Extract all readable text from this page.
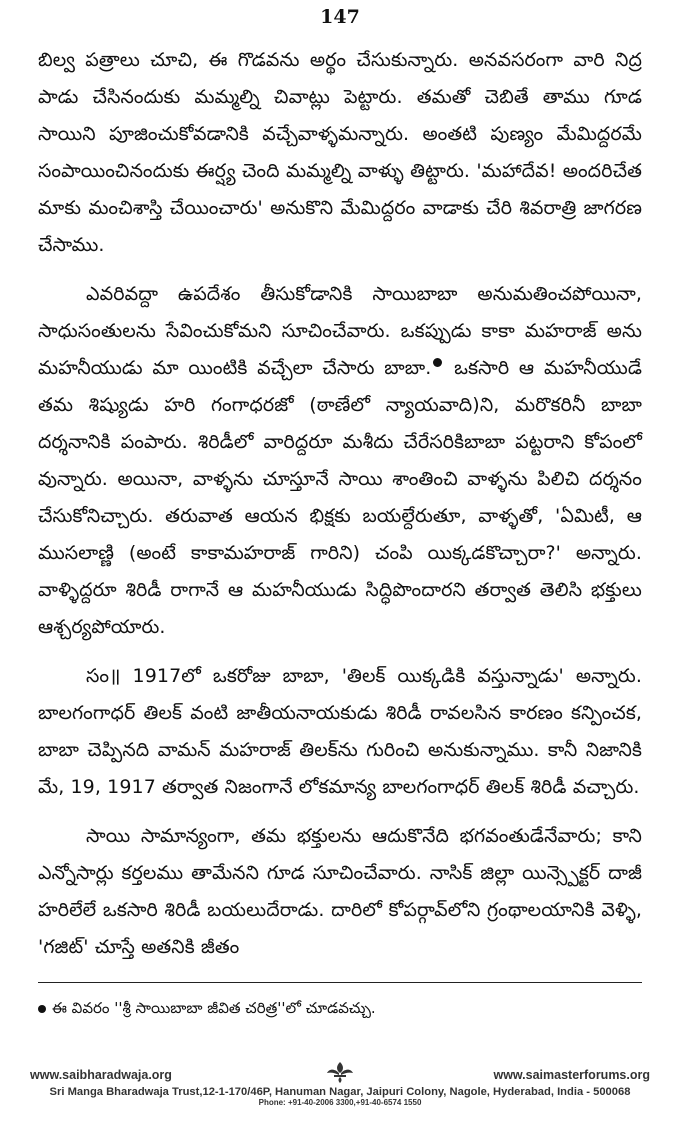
147

బిల్వ పత్రాలు చూచి, ఈ గొడవను అర్థం చేసుకున్నారు. అనవసరంగా వారి నిద్ర పాడు చేసినందుకు మమ్మల్ని చివాట్లు పెట్టారు. తమతో చెబితే తాము గూడ సాయిని పూజించుకోవడానికి వచ్చేవాళ్ళమన్నారు. అంతటి పుణ్యం మేమిద్దరమే సంపాయించినందుకు ఈర్ష్య చెంది మమ్మల్ని వాళ్ళు తిట్టారు. 'మహాదేవ! అందరిచేత మాకు మంచిశాస్తి చేయించారు' అనుకొని మేమిద్దరం వాడాకు చేరి శివరాత్రి జాగరణ చేసాము.

ఎవరివద్దా ఉపదేశం తీసుకోడానికి సాయిబాబా అనుమతించపోయినా, సాధుసంతులను సేవించుకోమని సూచించేవారు. ఒకప్పుడు కాకా మహరాజ్ అను మహనీయుడు మా యింటికి వచ్చేలా చేసారు బాబా. ఒకసారి ఆ మహనీయుడే తమ శిష్యుడు హరి గంగాధరజో (ఠాణేలో న్యాయవాది)ని, మరొకరినీ బాబా దర్శనానికి పంపారు. శిరిడీలో వారిద్దరూ మశీదు చేరేసరికిబాబా పట్టరాని కోపంలో వున్నారు. అయినా, వాళ్ళను చూస్తూనే సాయి శాంతించి వాళ్ళను పిలిచి దర్శనం చేసుకోనిచ్చారు. తరువాత ఆయన భిక్షకు బయల్దేరుతూ, వాళ్ళతో, 'ఏమిటీ, ఆ ముసలాణ్ణి (అంటే కాకామహరాజ్ గారిని) చంపి యిక్కడకొచ్చారా?' అన్నారు. వాళ్ళిద్దరూ శిరిడీ రాగానే ఆ మహనీయుడు సిద్ధిపొందారని తర్వాత తెలిసి భక్తులు ఆశ్చర్యపోయారు.

సం॥ 1917లో ఒకరోజు బాబా, 'తిలక్ యిక్కడికి వస్తున్నాడు' అన్నారు. బాలగంగాధర్ తిలక్ వంటి జాతీయనాయకుడు శిరిడీ రావలసిన కారణం కన్పించక, బాబా చెప్పినది వామన్ మహరాజ్ తిలక్‌ను గురించి అనుకున్నాము. కానీ నిజానికి మే, 19, 1917 తర్వాత నిజంగానే లోకమాన్య బాలగంగాధర్ తిలక్ శిరిడీ వచ్చారు.

సాయి సామాన్యంగా, తమ భక్తులను ఆదుకొనేది భగవంతుడేనేవారు; కాని ఎన్నోసార్లు కర్తలము తామేనని గూడ సూచించేవారు. నాసిక్ జిల్లా యిన్స్పెక్టర్ దాజీ హరిలేలే ఒకసారి శిరిడీ బయలుదేరాడు. దారిలో కోపర్గావ్‌లోని గ్రంథాలయానికి వెళ్ళి, 'గజిట్' చూస్తే అతనికి జీతం

ఈ వివరం ''శ్రీ సాయిబాబా జీవిత చరిత్ర''లో చూడవచ్చు.
www.saibharadwaja.org	www.saimasterforums.org
Sri Manga Bharadwaja Trust,12-1-170/46P, Hanuman Nagar, Jaipuri Colony, Nagole, Hyderabad, India - 500068
Phone: +91-40-2006 3300,+91-40-6574 1550
